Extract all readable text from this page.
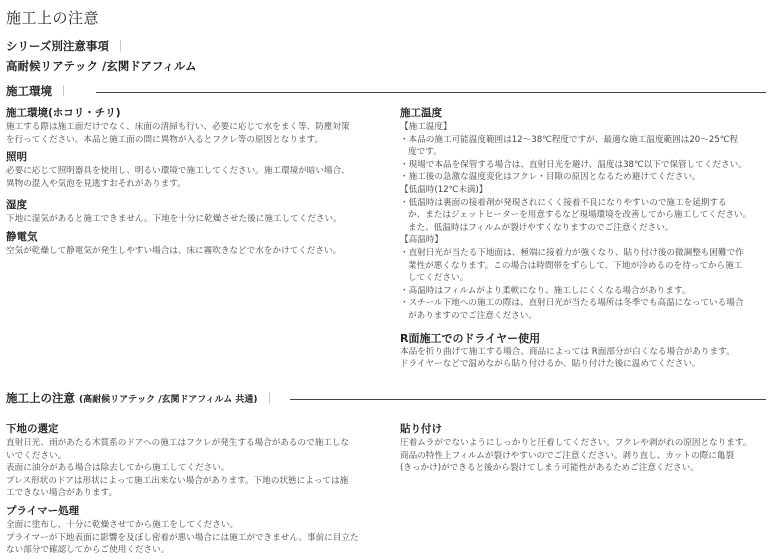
施工上の注意
シリーズ別注意事項 ｜
高耐候リアテック /玄関ドアフィルム
施工環境 ｜

施工環境(ホコリ・チリ)

施工する際は施工面だけでなく、床面の清掃も行い、必要に応じて水をまく等、防塵対策

を行ってください。本品と施工面の間に異物が入るとフクレ等の原因となります。

照明

必要に応じて照明器具を使用し、明るい環境で施工してください。施工環境が暗い場合、

異物の混入や気泡を見逃すおそれがあります。

湿度

下地に湿気があると施工できません。下地を十分に乾燥させた後に施工してください。

静電気

空気が乾燥して静電気が発生しやすい場合は、床に霧吹きなどで水をかけてください。

施工温度

【施工温度】

・本品の施工可能温度範囲は12～38℃程度ですが、最適な施工温度範囲は20～25℃程
度です。

・現場で本品を保管する場合は、直射日光を避け、温度は38℃以下で保管してください。

・施工後の急激な温度変化はフクレ・目隙の原因となるため避けてください。

【低温時(12℃未満)】

・低温時は裏面の接着剤が発現されにくく接着不良になりやすいので施工を延期する
か、またはジェットヒーターを用意するなど現場環境を改善してから施工してください。
また、低温時はフィルムが裂けやすくなりますのでご注意ください。

【高温時】

・直射日光が当たる下地面は、極端に接着力が強くなり、貼り付け後の微調整も困難で作
業性が悪くなります。この場合は時間帯をずらして、下地が冷めるのを待ってから施工
してください。

・高温時はフィルムがより柔軟になり、施工しにくくなる場合があります。

・スチール下地への施工の際は、直射日光が当たる場所は冬季でも高温になっている場合
がありますのでご注意ください。

R面施工でのドライヤー使用

本品を折り曲げて施工する場合、商品によっては R面部分が白くなる場合があります。

ドライヤーなどで温めながら貼り付けるか、貼り付けた後に温めてください。

施工上の注意 (高耐候リアテック /玄関ドアフィルム 共通) ｜

下地の選定

直射日光、雨があたる木質系のドアへの施工はフクレが発生する場合があるので施工しな

いでください。

表面に油分がある場合は除去してから施工してください。

プレス形状のドアは形状によって施工出来ない場合があります。下地の状態によっては施

工できない場合があります。

プライマー処理

全面に塗布し、十分に乾燥させてから施工をしてください。

プライマーが下地表面に影響を及ぼし密着が悪い場合には施工ができません。事前に目立た

ない部分で確認してからご使用ください。

貼り付け

圧着ムラがでないようにしっかりと圧着してください。フクレや剥がれの原因となります。

商品の特性上フィルムが裂けやすいのでご注意ください。剥り直し、カットの際に亀裂

(きっかけ)ができると後から裂けてしまう可能性があるためご注意ください。
